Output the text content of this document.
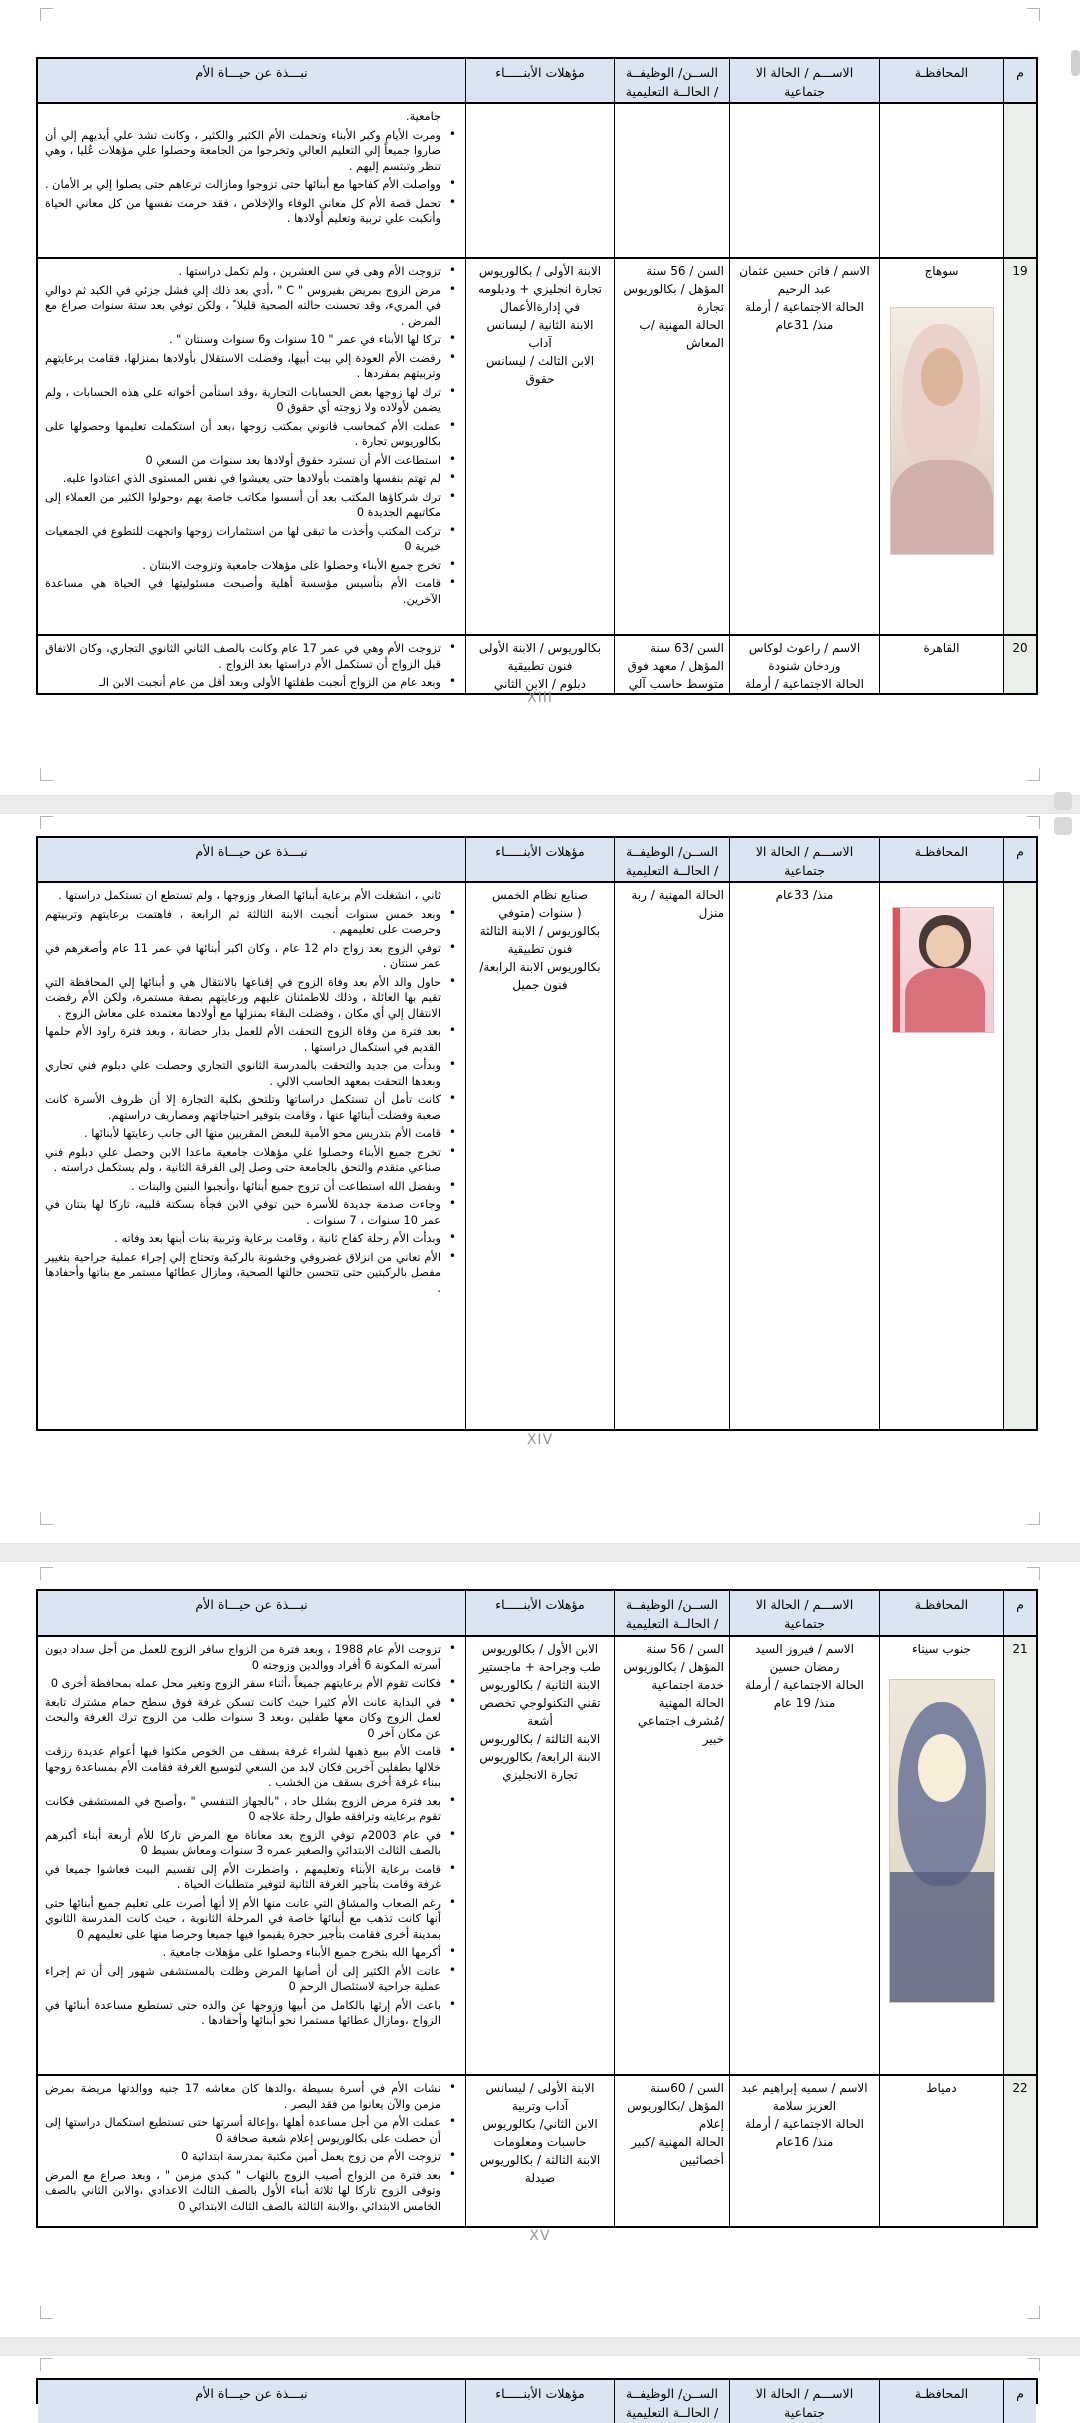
م
المحافظـة
الاســـم / الحالة الا
جتماعية
الســن/ الوظيفــة
/ الحالــة التعليمية
مؤهلات الأبنـــــاء
نبـــذة عن حيـــاة الأم
جامعية.
• ومرت الأيام وكبر الأبناء وتحملت الأم الكثير والكثير ، وكانت تشد علي أيديهم إلي أن صاروا جميعاً إلي التعليم العالي وتخرجوا من الجامعة وحصلوا علي مؤهلات عُليا ، وهي تنظر وتبتسم إليهم .
• وواصلت الأم كفاحها مع أبنائها حتى تزوجوا ومازالت ترعاهم حتى يصلوا إلي بر الأمان .
• تحمل قصة الأم كل معاني الوفاء والإخلاص ، فقد حرمت نفسها من كل معاني الحياة وأنكبت علي تربية وتعليم أولادها .
19
سوهاج
الاسم / فاتن حسين عثمان
عبد الرحيم
الحالة الاجتماعية / أرملة
منذ/ 31عام
السن / 56 سنة
المؤهل / بكالوريوس
تجارة
الحالة المهنية /ب
المعاش
الابنة الأولى / بكالوريوس
تجارة انجليزي + ودبلومه
في إدارةالأعمال
الابنة الثانية / ليسانس
آداب
الابن الثالث / ليسانس
حقوق
• تزوجت الأم وهى في سن العشرين ، ولم تكمل دراستها .
• مرض الزوج بمريض بفيروس " C " ،أدي بعد ذلك إلي فشل جزئي في الكبد ثم دوالي في المريء، وقد تحسنت حالته الصحية قليلا ً ، ولكن توفي بعد ستة سنوات صراع مع المرض .
• تركا لها الأبناء في عمر " 10 سنوات و6 سنوات وسنتان " .
• رفضت الأم العودة إلي بيت أبيها، وفضلت الاستقلال بأولادها بمنزلها، فقامت برعايتهم وتربيتهم بمفردها .
• ترك لها زوجها بعض الحسابات التجارية ،وقد استأمن أخواته على هذه الحسابات ، ولم يضمن لأولاده ولا زوجته أي حقوق 0
• عملت الأم كمحاسب قانوني بمكتب زوجها ،بعد أن استكملت تعليمها وحصولها على بكالوريوس تجارة .
• استطاعت الأم أن تسترد حقوق أولادها بعد سنوات من السعي 0
• لم تهتم بنفسها واهتمت بأولادها حتى يعيشوا في نفس المستوى الذي اعتادوا عليه.
• ترك شركاؤها المكتب بعد أن أسسوا مكاتب خاصة بهم ،وحولوا الكثير من العملاء إلى مكاتبهم الجديدة 0
• تركت المكتب وأخذت ما تبقى لها من استثمارات زوجها واتجهت للتطوع في الجمعيات خيرية 0
• تخرج جميع الأبناء وحصلوا على مؤهلات جامعية وتزوجت الابنتان .
• قامت الأم بتأسيس مؤسسة أهلية وأصبحت مسئوليتها في الحياة هي مساعدة الآخرين.
20
القاهرة
الاسم / راعوث لوكاس
وردخان شنودة
الحالة الاجتماعية / أرملة
السن /63 سنة
المؤهل / معهد فوق
متوسط حاسب آلي
بكالوريوس / الابنة الأولى
فنون تطبيقية
دبلوم / الابن الثاني
• تزوجت الأم وهي في عمر 17 عام وكانت بالصف الثاني الثانوي التجاري، وكان الاتفاق قبل الزواج أن تستكمل الأم دراستها بعد الزواج .
• وبعد عام من الزواج أنجبت طفلتها الأولى وبعد أقل من عام أنجبت الابن الـ
XIII
م
المحافظـة
الاســـم / الحالة الا
جتماعية
الســن/ الوظيفــة
/ الحالــة التعليمية
مؤهلات الأبنـــــاء
نبـــذة عن حيـــاة الأم
منذ/ 33عام
الحالة المهنية / ربة
منزل
صنايع نظام الخمس
( سنوات (متوفي
بكالوريوس / الابنة الثالثة
فنون تطبيقية
بكالوريوس الابنة الرابعة/
فنون جميل
ثاني ، انشغلت الأم برعاية أبنائها الصغار وزوجها ، ولم تستطع ان تستكمل دراستها .
• وبعد خمس سنوات أنجبت الابنة الثالثة ثم الرابعة ، فاهتمت برعايتهم وتربيتهم وحرصت على تعليمهم .
• توفي الزوج بعد زواج دام 12 عام ، وكان اكبر أبنائها في عمر 11 عام وأصغرهم في عمر سنتان .
• حاول والد الأم بعد وفاة الزوج في إقناعها بالانتقال هي و أبنائها إلي المحافظة التي تقيم بها العائلة ، وذلك للاطمئنان عليهم ورعايتهم بصفة مستمرة، ولكن الأم رفضت الانتقال إلي أي مكان ، وفضلت البقاء بمنزلها مع أولادها معتمده على معاش الزوج .
• بعد فترة من وفاة الزوج التحقت الأم للعمل بدار حضانة ، وبعد فترة راود الأم حلمها القديم في استكمال دراستها .
• وبدأت من جديد والتحقت بالمدرسة الثانوي التجاري وحصلت علي دبلوم فني تجاري وبعدها التحقت بمعهد الحاسب الالي .
• كانت تأمل أن تستكمل دراساتها وتلتحق بكلية التجارة إلا أن ظروف الأسرة كانت صعبة وفضلت أبنائها عنها ، وقامت بتوفير احتياجاتهم ومصاريف دراستهم.
• قامت الأم بتدريس محو الأمية للبعض المقربين منها الى جانب رعايتها لأبنائها .
• تخرج جميع الأبناء وحصلوا علي مؤهلات جامعية ماعدا الابن وحصل علي دبلوم فني صناعي متقدم والتحق بالجامعة حتى وصل إلى الفرقة الثانية ، ولم يستكمل دراسته .
• وبفضل الله استطاعت أن تزوج جميع أبنائها ،وأنجبوا البنين والبنات .
• وجاءت صدمة جديدة للأسرة حين توفي الابن فجأة بسكتة قلبيه، تاركا لها بنتان في عمر 10 سنوات ، 7 سنوات .
• وبدأت الأم رحلة كفاح ثانية ، وقامت برعاية وتربية بنات أبنها بعد وفاته .
• الأم تعاني من انزلاق غضروفي وخشونة بالركبة وتحتاج إلي إجراء عملية جراحية بتغيير مفصل بالركبتين حتى تتحسن حالتها الصحية، ومازال عطائها مستمر مع بناتها وأحفادها .
XIV
م
المحافظـة
الاســـم / الحالة الا
جتماعية
الســن/ الوظيفــة
/ الحالــة التعليمية
مؤهلات الأبنـــــاء
نبـــذة عن حيـــاة الأم
21
جنوب سيناء
الاسم / فيروز السيد
رمضان حسين
الحالة الاجتماعية / أرملة
منذ/ 19 عام
السن / 56 سنة
المؤهل / بكالوريوس
خدمة اجتماعية
الحالة المهنية
/مُشرف اجتماعي
خبير
الابن الأول / بكالوريوس
طب وجراحة + ماجستير
الابنة الثانية / بكالوريوس
تقني التكنولوجي تخصص
أشعة
الابنة الثالثة / بكالوريوس
الابنة الرابعة/ بكالوريوس
تجارة الانجليزي
• تزوجت الأم عام 1988 ، وبعد فترة من الزواج سافر الزوج للعمل من أجل سداد ديون أسرته المكونة 6 أفراد ووالدين وزوجته 0
• فكانت تقوم الأم برعايتهم جميعاً ،أثناء سفر الزوج وتغير محل عمله بمحافظة أخرى 0
• في البداية عانت الأم كثيرا حيث كانت تسكن غرفة فوق سطح حمام مشترك تابعة لعمل الزوج وكان معها طفلين ،وبعد 3 سنوات طلب من الزوج ترك الغرفة والبحث عن مكان آخر 0
• قامت الأم ببيع ذهبها لشراء غرفة بسقف من الخوص مكثوا فيها أعوام عديدة رزقت خلالها بطفلين آخرين فكان لابد من السعي لتوسيع الغرفة فقامت الأم بمساعدة زوجها ببناء غرفة أخرى بسقف من الخشب .
• بعد فترة مرض الزوج بشلل حاد ، "بالجهاز التنفسي " ،وأصبح في المستشفى فكانت تقوم برعايته وترافقه طوال رحلة علاجه 0
• في عام 2003م توفي الزوج بعد معاناة مع المرض تاركا للأم أربعة أبناء أكبرهم بالصف الثالث الابتدائي والصغير عمره 3 سنوات ومعاش بسيط 0
• قامت برعاية الأبناء وتعليمهم ، واضطرت الأم إلى تقسيم البيت فعاشوا جميعا في غرفة وقامت بتأجير الغرفة الثانية لتوفير متطلبات الحياة .
• رغم الصعاب والمشاق التي عانت منها الأم إلا أنها أصرت على تعليم جميع أبنائها حتى أنها كانت تذهب مع أبنائها خاصة في المرحلة الثانوية ، حيث كانت المدرسة الثانوي بمدينة أخرى فقامت بتأجير حجرة يقيموا فيها جميعا وحرصا منها على تعليمهم 0
• أكرمها الله بتخرج جميع الأبناء وحصلوا على مؤهلات جامعية .
• عانت الأم الكثير إلى أن أصابها المرض وظلت بالمستشفى شهور إلى أن تم إجراء عملية جراحية لاستئصال الرحم 0
• باعت الأم إرثها بالكامل من أبيها وزوجها عن والده حتى تستطيع مساعدة أبنائها في الزواج ،ومازال عطائها مستمرا نحو أبنائها وأحفادها .
22
دمياط
الاسم / سميه إبراهيم عبد
العزيز سلامة
الحالة الاجتماعية / أرملة
منذ/ 16عام
السن / 60سنة
المؤهل /بكالوريوس
إعلام
الحالة المهنية /كبير
أخصائيين
الابنة الأولى / ليسانس
آداب وتربية
الابن الثاني/ بكالوريوس
حاسبات ومعلومات
الابنة الثالثة / بكالوريوس
صيدلة
• نشات الأم في أسرة بسيطة ،والدها كان معاشه 17 جنيه ووالدتها مريضة بمرض مزمن والآن يعانوا من فقد البصر .
• عملت الأم من أجل مساعدة أهلها ،وإعالة أسرتها حتى تستطيع استكمال دراستها إلى أن حصلت على بكالوريوس إعلام شعبة صحافة 0
• تزوجت الأم من زوج يعمل أمين مكتبة بمدرسة ابتدائية 0
• بعد فترة من الزواج أصيب الزوج بالتهاب " كبدي مزمن " ، وبعد صراع مع المرض وتوفى الزوج تاركا لها ثلاثة أبناء الأول بالصف الثالث الاعدادي ،والابن الثاني بالصف الخامس الابتدائي ،والابنة الثالثة بالصف الثالث الابتدائي 0
XV
م
المحافظـة
الاســـم / الحالة الا
جتماعية
الســن/ الوظيفــة
/ الحالــة التعليمية
مؤهلات الأبنـــــاء
نبـــذة عن حيـــاة الأم
